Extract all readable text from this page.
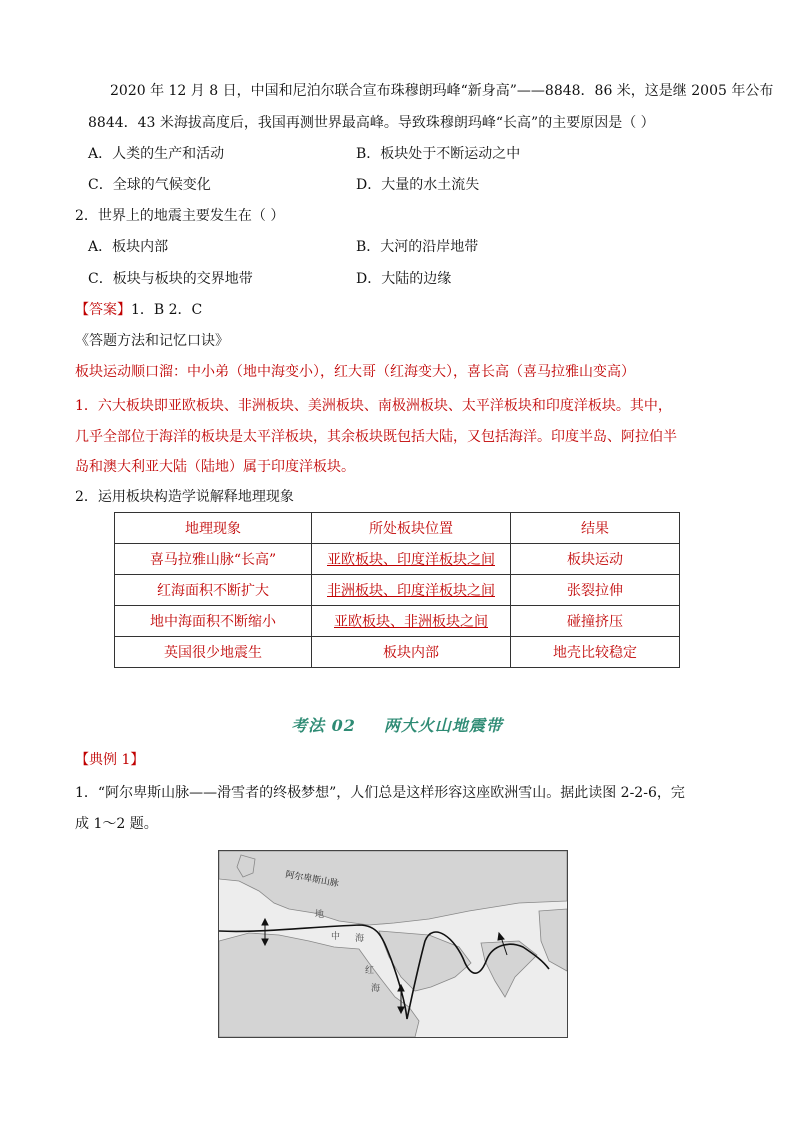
2020 年 12 月 8 日，中国和尼泊尔联合宣布珠穆朗玛峰“新身高”——8848．86 米，这是继 2005 年公布
8844．43 米海拔高度后，我国再测世界最高峰。导致珠穆朗玛峰“长高”的主要原因是（ ）
A．人类的生产和活动	B．板块处于不断运动之中
C．全球的气候变化	D．大量的水土流失
2．世界上的地震主要发生在（ ）
A．板块内部	B．大河的沿岸地带
C．板块与板块的交界地带	D．大陆的边缘
【答案】1．B 2．C
《答题方法和记忆口诀》
板块运动顺口溜：中小弟（地中海变小），红大哥（红海变大），喜长高（喜马拉雅山变高）
1．六大板块即亚欧板块、非洲板块、美洲板块、南极洲板块、太平洋板块和印度洋板块。其中，
几乎全部位于海洋的板块是太平洋板块，其余板块既包括大陆，又包括海洋。印度半岛、阿拉伯半
岛和澳大利亚大陆（陆地）属于印度洋板块。
2．运用板块构造学说解释地理现象
地理现象	所处板块位置	结果
喜马拉雅山脉“长高”	亚欧板块、印度洋板块之间	板块运动
红海面积不断扩大	非洲板块、印度洋板块之间	张裂拉伸
地中海面积不断缩小	亚欧板块、非洲板块之间	碰撞挤压
英国很少地震生	板块内部	地壳比较稳定
考法 02 两大火山地震带
【典例 1】
1．“阿尔卑斯山脉——滑雪者的终极梦想”，人们总是这样形容这座欧洲雪山。据此读图 2-2-6，完
成 1～2 题。
阿尔卑斯山脉
地
中 海
红
海
